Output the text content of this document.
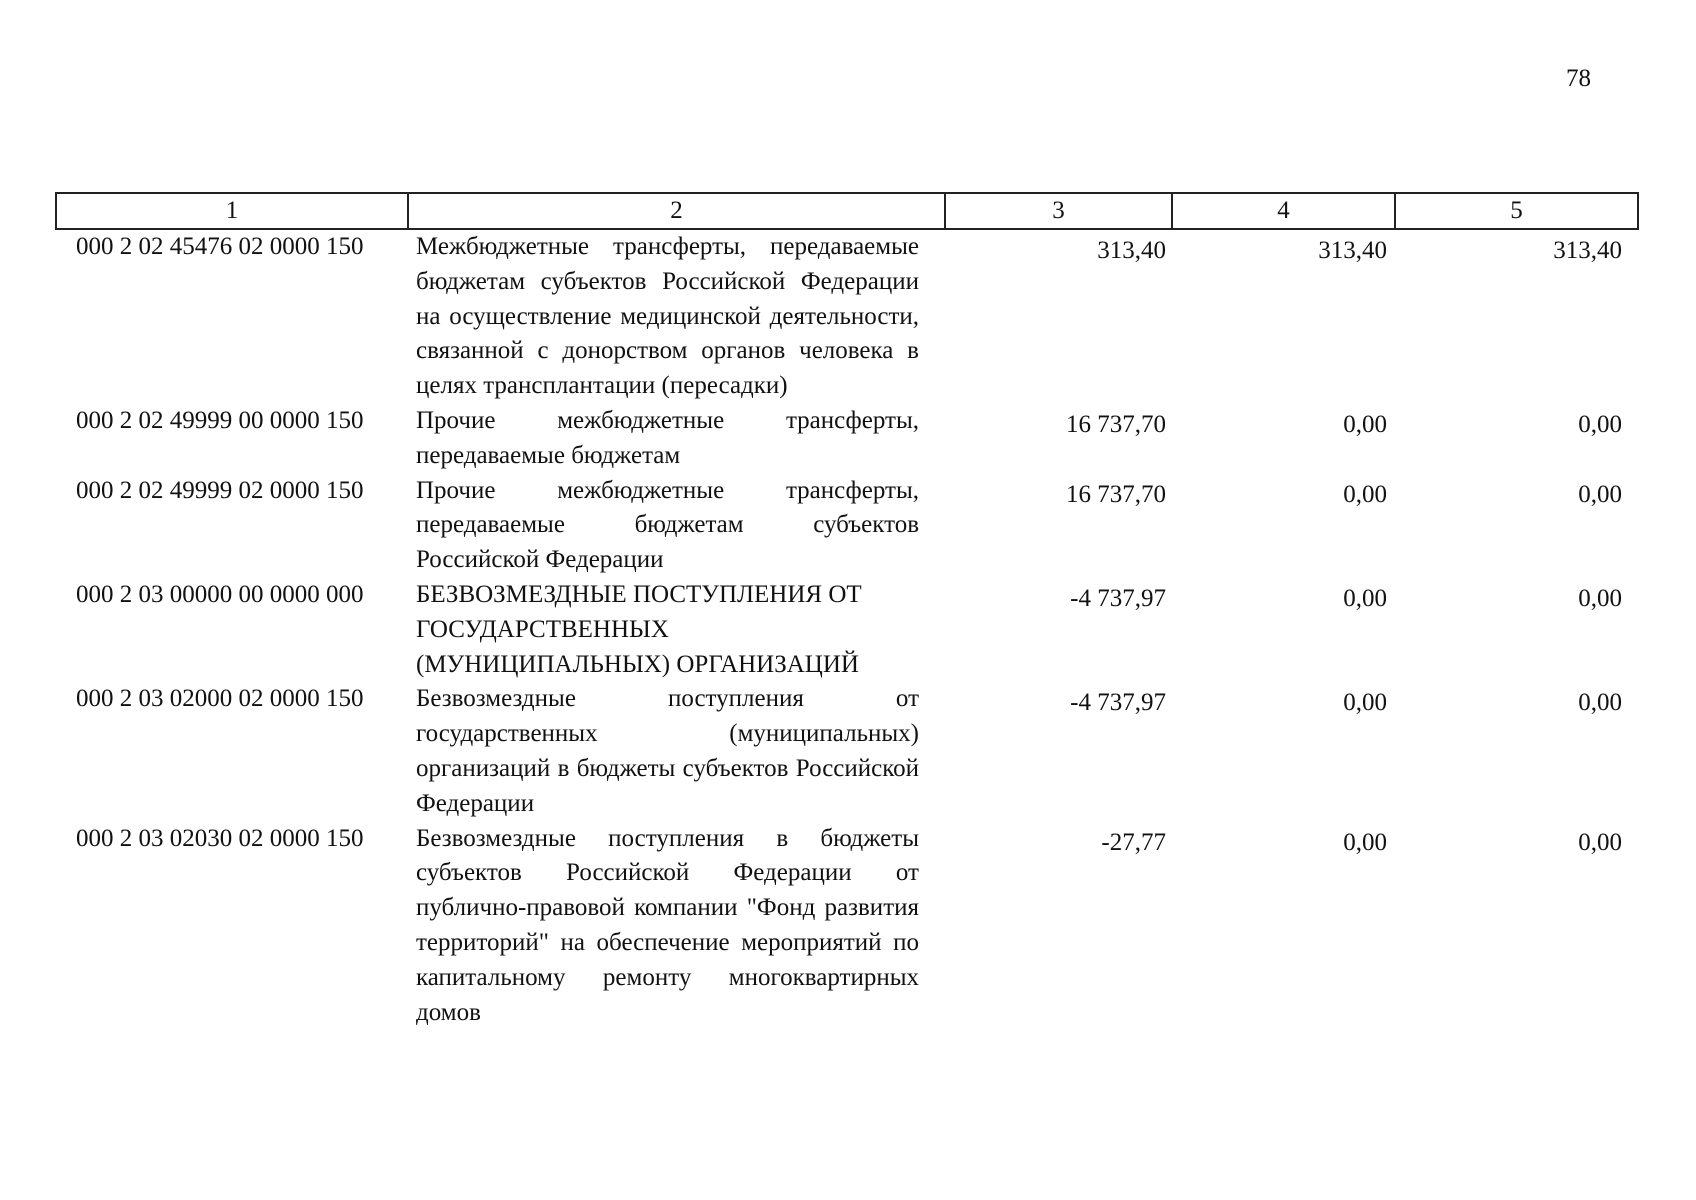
78
1	2	3	4	5
000 2 02 45476 02 0000 150	Межбюджетные трансферты, передаваемые бюджетам субъектов Российской Федерации на осуществление медицинской деятельности, связанной с донорством органов человека в целях трансплантации (пересадки)	313,40	313,40	313,40
000 2 02 49999 00 0000 150	Прочие межбюджетные трансферты, передаваемые бюджетам	16 737,70	0,00	0,00
000 2 02 49999 02 0000 150	Прочие межбюджетные трансферты, передаваемые бюджетам субъектов Российской Федерации	16 737,70	0,00	0,00
000 2 03 00000 00 0000 000	БЕЗВОЗМЕЗДНЫЕ ПОСТУПЛЕНИЯ ОТ ГОСУДАРСТВЕННЫХ (МУНИЦИПАЛЬНЫХ) ОРГАНИЗАЦИЙ	-4 737,97	0,00	0,00
000 2 03 02000 02 0000 150	Безвозмездные поступления от государственных (муниципальных) организаций в бюджеты субъектов Российской Федерации	-4 737,97	0,00	0,00
000 2 03 02030 02 0000 150	Безвозмездные поступления в бюджеты субъектов Российской Федерации от публично-правовой компании "Фонд развития территорий" на обеспечение мероприятий по капитальному ремонту многоквартирных домов	-27,77	0,00	0,00
